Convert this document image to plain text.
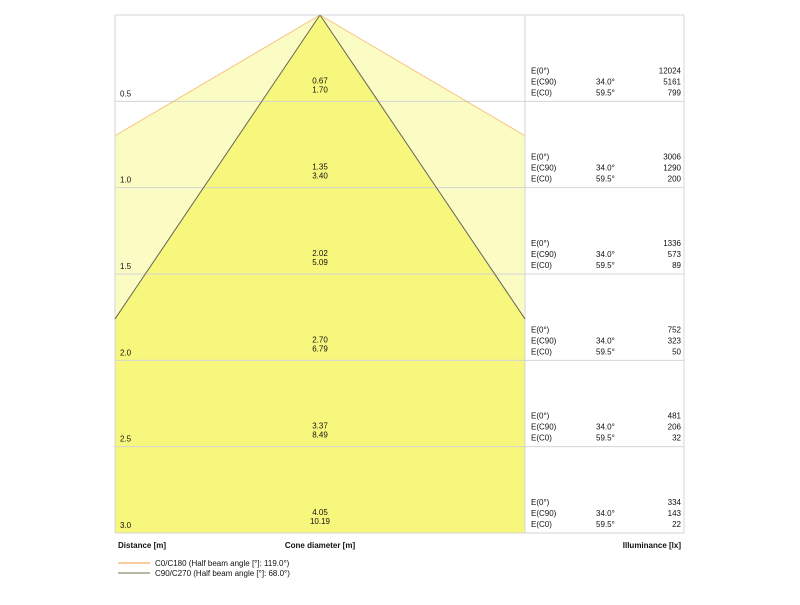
0.5
0.67
1.70
E(0°)
E(C90)
E(C0)
34.0°
59.5°
12024
5161
799
1.0
1.35
3.40
E(0°)
E(C90)
E(C0)
34.0°
59.5°
3006
1290
200
1.5
2.02
5.09
E(0°)
E(C90)
E(C0)
34.0°
59.5°
1336
573
89
2.0
2.70
6.79
E(0°)
E(C90)
E(C0)
34.0°
59.5°
752
323
50
2.5
3.37
8.49
E(0°)
E(C90)
E(C0)
34.0°
59.5°
481
206
32
3.0
4.05
10.19
E(0°)
E(C90)
E(C0)
34.0°
59.5°
334
143
22
Distance [m]	Cone diameter [m]	Illuminance [lx]
C0/C180 (Half beam angle [°]: 119.0°)
C90/C270 (Half beam angle [°]: 68.0°)
